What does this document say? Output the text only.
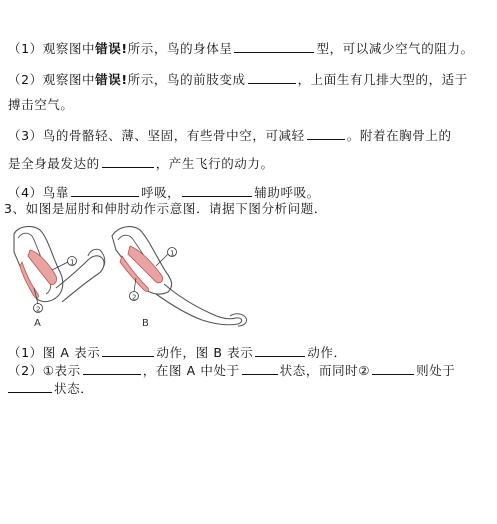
（1）观察图中错误!所示，鸟的身体呈	型，可以减少空气的阻力。
（2）观察图中错误!所示，鸟的前肢变成	，上面生有几排大型的，适于
搏击空气。
（3）鸟的骨骼轻、薄、坚固，有些骨中空，可减轻	。附着在胸骨上的
是全身最发达的	，产生飞行的动力。
（4）鸟靠	呼吸，	辅助呼吸。
3、如图是屈肘和伸肘动作示意图．请据下图分析问题．
1
2
A
1
2
B
（1）图 A 表示	动作，图 B 表示	动作．
（2）①表示	，在图 A 中处于	状态，而同时②	则处于
状态．
